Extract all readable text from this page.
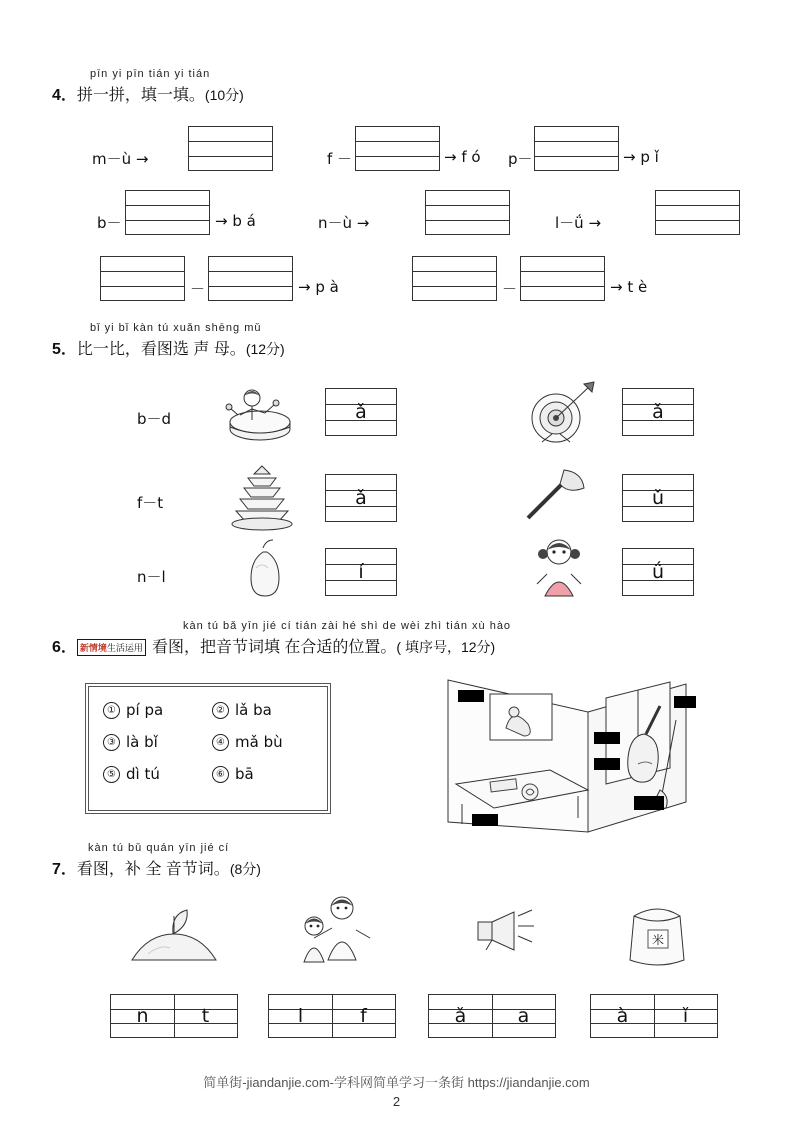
pīn yi pīn tián yi tián
4． 拼一拼，填一填。 (10分)
m－ù →	f －	→ f ó p－	→ p ǐ
b－	→ b á	n－ù →	l－ǘ →
－	→ p à	－	→ t è
bǐ yi bǐ kàn tú xuǎn shēng mǔ
5． 比一比，看图选 声 母。 (12分)
b－d	ǎ	ǎ
f－t	ǎ	ǔ
n－l	í	ǘ
kàn tú bǎ yīn jié cí tián zài hé shì de wèi zhì tián xù hào
6． 新情境生活运用 看图，把音节词填 在合适的位置。 ( 填序号，12分)
① pí pa	② lǎ ba
③ là bǐ	④ mǎ bù
⑤ dì tú	⑥ bā
kàn tú bǔ quán yīn jié cí
7． 看图，补 全 音节词。 (8分)
米
n	t	l	f	ǎ	a	à	ǐ
简单街-jiandanjie.com-学科网简单学习一条街 https://jiandanjie.com
2
